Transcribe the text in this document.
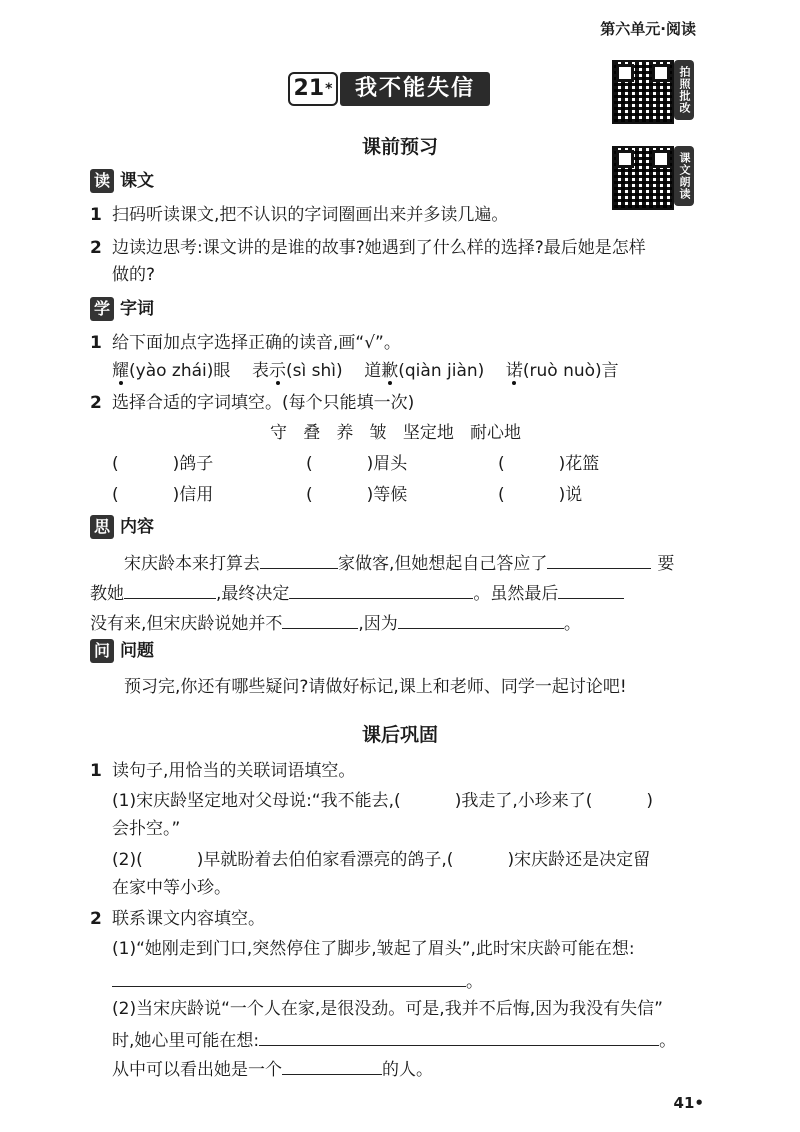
第六单元·阅读
21*	我不能失信	拍照批改
课文朗读
课前预习
读 课文
1 扫码听读课文,把不认识的字词圈画出来并多读几遍。
2 边读边思考:课文讲的是谁的故事?她遇到了什么样的选择?最后她是怎样
做的?
学 字词
1 给下面加点字选择正确的读音,画“√”。
耀(yào zhái)眼 表示(sì shì) 道歉(qiàn jiàn) 诺(ruò nuò)言
2 选择合适的字词填空。(每个只能填一次)
守   叠   养   皱   坚定地   耐心地
(          )鸽子	(          )眉头	(          )花篮
(          )信用	(          )等候	(          )说
思 内容
宋庆龄本来打算去	家做客,但她想起自己答应了	要
教她	,最终决定	。虽然最后
没有来,但宋庆龄说她并不	,因为	。
问 问题
预习完,你还有哪些疑问?请做好标记,课上和老师、同学一起讨论吧!
课后巩固
1 读句子,用恰当的关联词语填空。
(1)宋庆龄坚定地对父母说:“我不能去,(          )我走了,小珍来了(          )
会扑空。”
(2)(          )早就盼着去伯伯家看漂亮的鸽子,(          )宋庆龄还是决定留
在家中等小珍。
2 联系课文内容填空。
(1)“她刚走到门口,突然停住了脚步,皱起了眉头”,此时宋庆龄可能在想:
。
(2)当宋庆龄说“一个人在家,是很没劲。可是,我并不后悔,因为我没有失信”
时,她心里可能在想:	。
从中可以看出她是一个	的人。
41•
